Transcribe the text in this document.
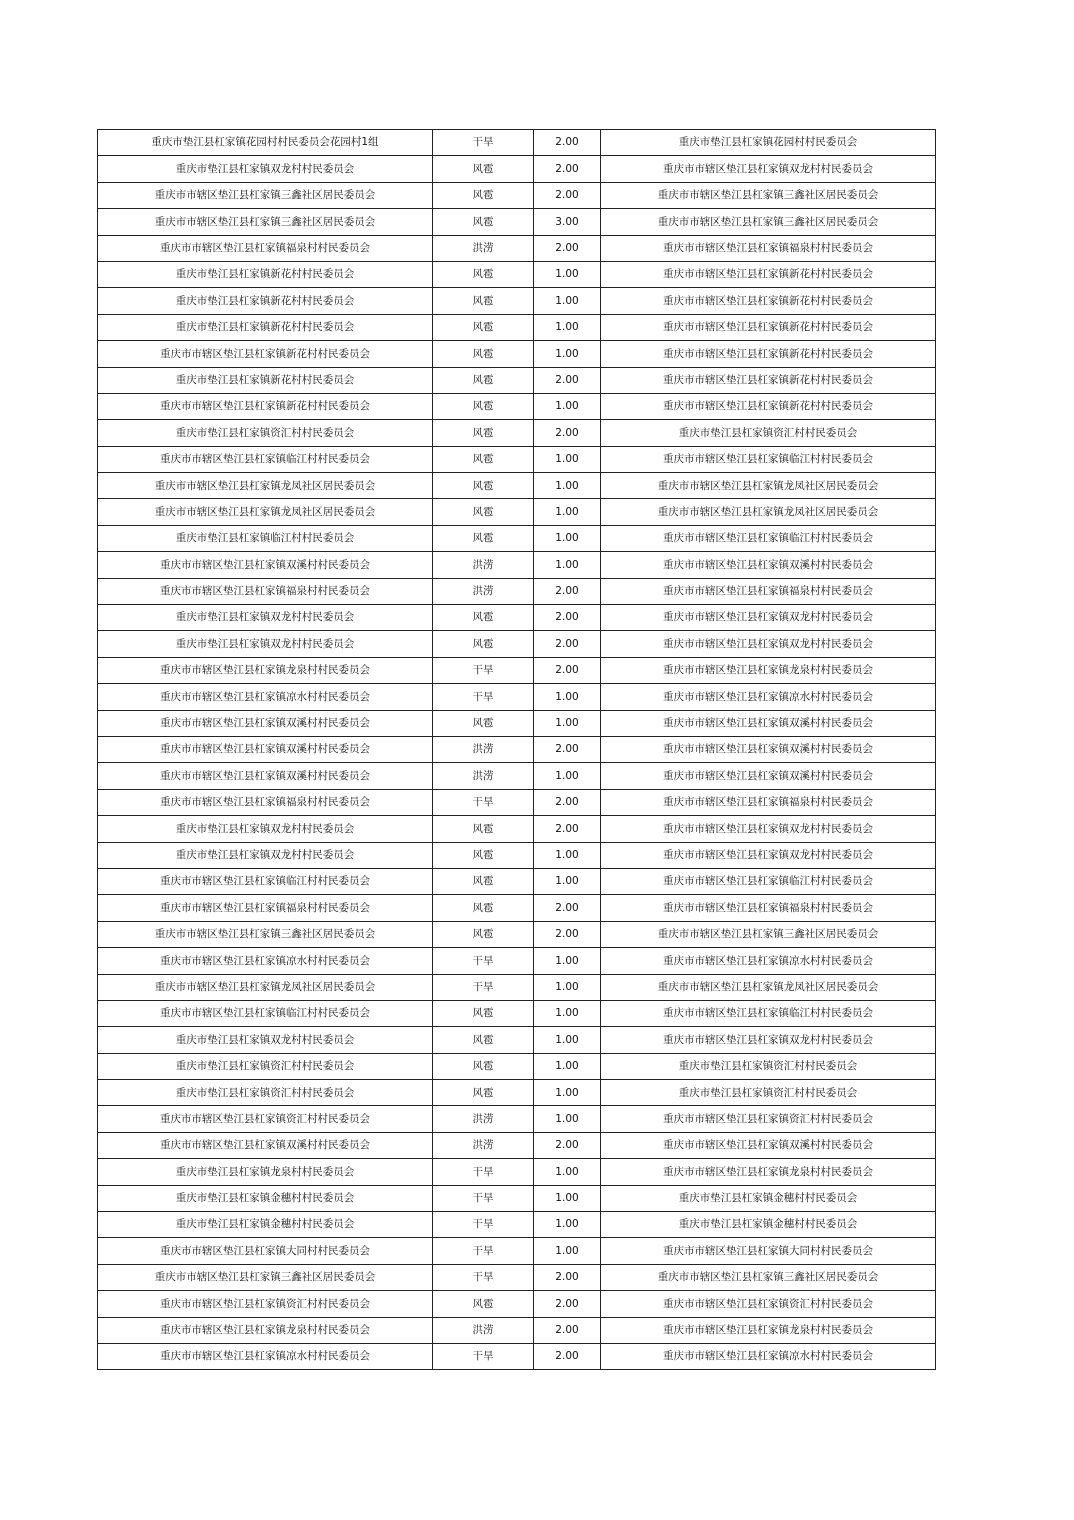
重庆市垫江县杠家镇花园村村民委员会花园村1组	干旱	2.00	重庆市垫江县杠家镇花园村村民委员会
重庆市垫江县杠家镇双龙村村民委员会	风雹	2.00	重庆市市辖区垫江县杠家镇双龙村村民委员会
重庆市市辖区垫江县杠家镇三鑫社区居民委员会	风雹	2.00	重庆市市辖区垫江县杠家镇三鑫社区居民委员会
重庆市市辖区垫江县杠家镇三鑫社区居民委员会	风雹	3.00	重庆市市辖区垫江县杠家镇三鑫社区居民委员会
重庆市市辖区垫江县杠家镇福泉村村民委员会	洪涝	2.00	重庆市市辖区垫江县杠家镇福泉村村民委员会
重庆市垫江县杠家镇新花村村民委员会	风雹	1.00	重庆市市辖区垫江县杠家镇新花村村民委员会
重庆市垫江县杠家镇新花村村民委员会	风雹	1.00	重庆市市辖区垫江县杠家镇新花村村民委员会
重庆市垫江县杠家镇新花村村民委员会	风雹	1.00	重庆市市辖区垫江县杠家镇新花村村民委员会
重庆市市辖区垫江县杠家镇新花村村民委员会	风雹	1.00	重庆市市辖区垫江县杠家镇新花村村民委员会
重庆市垫江县杠家镇新花村村民委员会	风雹	2.00	重庆市市辖区垫江县杠家镇新花村村民委员会
重庆市市辖区垫江县杠家镇新花村村民委员会	风雹	1.00	重庆市市辖区垫江县杠家镇新花村村民委员会
重庆市垫江县杠家镇资汇村村民委员会	风雹	2.00	重庆市垫江县杠家镇资汇村村民委员会
重庆市市辖区垫江县杠家镇临江村村民委员会	风雹	1.00	重庆市市辖区垫江县杠家镇临江村村民委员会
重庆市市辖区垫江县杠家镇龙凤社区居民委员会	风雹	1.00	重庆市市辖区垫江县杠家镇龙凤社区居民委员会
重庆市市辖区垫江县杠家镇龙凤社区居民委员会	风雹	1.00	重庆市市辖区垫江县杠家镇龙凤社区居民委员会
重庆市垫江县杠家镇临江村村民委员会	风雹	1.00	重庆市市辖区垫江县杠家镇临江村村民委员会
重庆市市辖区垫江县杠家镇双溪村村民委员会	洪涝	1.00	重庆市市辖区垫江县杠家镇双溪村村民委员会
重庆市市辖区垫江县杠家镇福泉村村民委员会	洪涝	2.00	重庆市市辖区垫江县杠家镇福泉村村民委员会
重庆市垫江县杠家镇双龙村村民委员会	风雹	2.00	重庆市市辖区垫江县杠家镇双龙村村民委员会
重庆市垫江县杠家镇双龙村村民委员会	风雹	2.00	重庆市市辖区垫江县杠家镇双龙村村民委员会
重庆市市辖区垫江县杠家镇龙泉村村民委员会	干旱	2.00	重庆市市辖区垫江县杠家镇龙泉村村民委员会
重庆市市辖区垫江县杠家镇凉水村村民委员会	干旱	1.00	重庆市市辖区垫江县杠家镇凉水村村民委员会
重庆市市辖区垫江县杠家镇双溪村村民委员会	风雹	1.00	重庆市市辖区垫江县杠家镇双溪村村民委员会
重庆市市辖区垫江县杠家镇双溪村村民委员会	洪涝	2.00	重庆市市辖区垫江县杠家镇双溪村村民委员会
重庆市市辖区垫江县杠家镇双溪村村民委员会	洪涝	1.00	重庆市市辖区垫江县杠家镇双溪村村民委员会
重庆市市辖区垫江县杠家镇福泉村村民委员会	干旱	2.00	重庆市市辖区垫江县杠家镇福泉村村民委员会
重庆市垫江县杠家镇双龙村村民委员会	风雹	2.00	重庆市市辖区垫江县杠家镇双龙村村民委员会
重庆市垫江县杠家镇双龙村村民委员会	风雹	1.00	重庆市市辖区垫江县杠家镇双龙村村民委员会
重庆市市辖区垫江县杠家镇临江村村民委员会	风雹	1.00	重庆市市辖区垫江县杠家镇临江村村民委员会
重庆市市辖区垫江县杠家镇福泉村村民委员会	风雹	2.00	重庆市市辖区垫江县杠家镇福泉村村民委员会
重庆市市辖区垫江县杠家镇三鑫社区居民委员会	风雹	2.00	重庆市市辖区垫江县杠家镇三鑫社区居民委员会
重庆市市辖区垫江县杠家镇凉水村村民委员会	干旱	1.00	重庆市市辖区垫江县杠家镇凉水村村民委员会
重庆市市辖区垫江县杠家镇龙凤社区居民委员会	干旱	1.00	重庆市市辖区垫江县杠家镇龙凤社区居民委员会
重庆市市辖区垫江县杠家镇临江村村民委员会	风雹	1.00	重庆市市辖区垫江县杠家镇临江村村民委员会
重庆市垫江县杠家镇双龙村村民委员会	风雹	1.00	重庆市市辖区垫江县杠家镇双龙村村民委员会
重庆市垫江县杠家镇资汇村村民委员会	风雹	1.00	重庆市垫江县杠家镇资汇村村民委员会
重庆市垫江县杠家镇资汇村村民委员会	风雹	1.00	重庆市垫江县杠家镇资汇村村民委员会
重庆市市辖区垫江县杠家镇资汇村村民委员会	洪涝	1.00	重庆市市辖区垫江县杠家镇资汇村村民委员会
重庆市市辖区垫江县杠家镇双溪村村民委员会	洪涝	2.00	重庆市市辖区垫江县杠家镇双溪村村民委员会
重庆市垫江县杠家镇龙泉村村民委员会	干旱	1.00	重庆市市辖区垫江县杠家镇龙泉村村民委员会
重庆市垫江县杠家镇金穗村村民委员会	干旱	1.00	重庆市垫江县杠家镇金穗村村民委员会
重庆市垫江县杠家镇金穗村村民委员会	干旱	1.00	重庆市垫江县杠家镇金穗村村民委员会
重庆市市辖区垫江县杠家镇大同村村民委员会	干旱	1.00	重庆市市辖区垫江县杠家镇大同村村民委员会
重庆市市辖区垫江县杠家镇三鑫社区居民委员会	干旱	2.00	重庆市市辖区垫江县杠家镇三鑫社区居民委员会
重庆市市辖区垫江县杠家镇资汇村村民委员会	风雹	2.00	重庆市市辖区垫江县杠家镇资汇村村民委员会
重庆市市辖区垫江县杠家镇龙泉村村民委员会	洪涝	2.00	重庆市市辖区垫江县杠家镇龙泉村村民委员会
重庆市市辖区垫江县杠家镇凉水村村民委员会	干旱	2.00	重庆市市辖区垫江县杠家镇凉水村村民委员会
